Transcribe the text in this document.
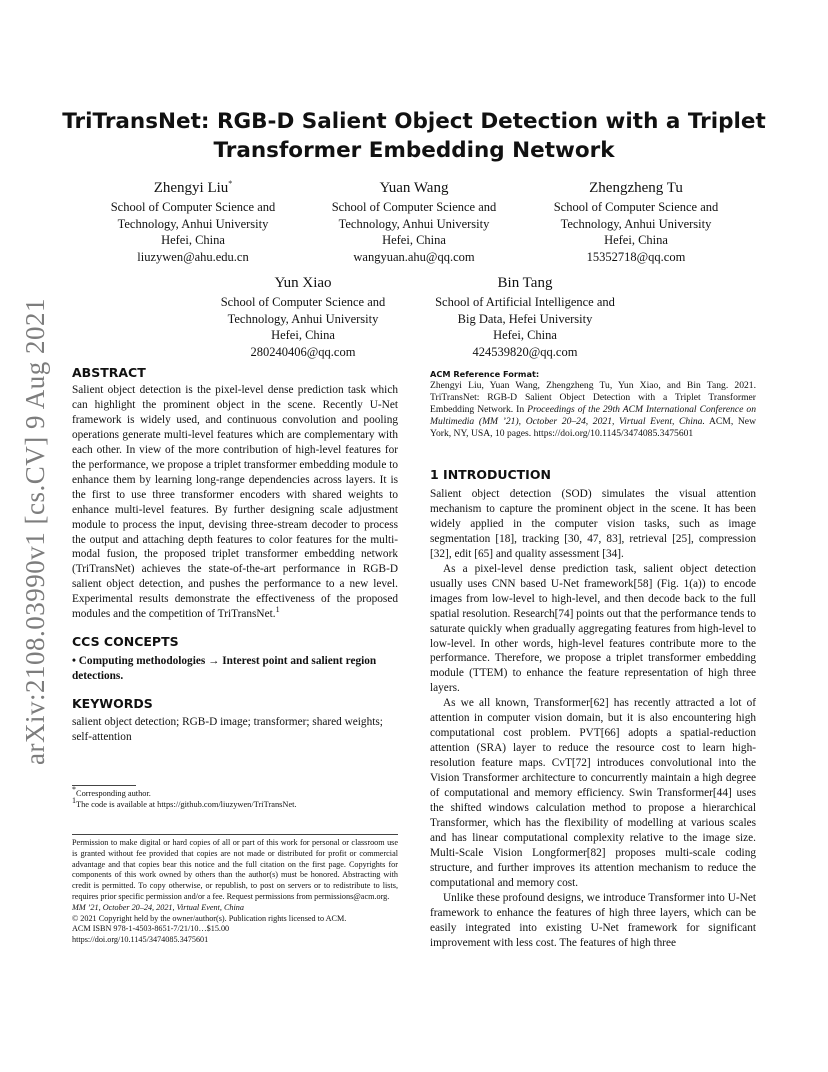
arXiv:2108.03990v1 [cs.CV] 9 Aug 2021
TriTransNet: RGB-D Salient Object Detection with a Triplet
Transformer Embedding Network
Zhengyi Liu*
School of Computer Science and
Technology, Anhui University
Hefei, China
liuzywen@ahu.edu.cn
Yuan Wang
School of Computer Science and
Technology, Anhui University
Hefei, China
wangyuan.ahu@qq.com
Zhengzheng Tu
School of Computer Science and
Technology, Anhui University
Hefei, China
15352718@qq.com
Yun Xiao
School of Computer Science and
Technology, Anhui University
Hefei, China
280240406@qq.com
Bin Tang
School of Artificial Intelligence and
Big Data, Hefei University
Hefei, China
424539820@qq.com
ABSTRACT

Salient object detection is the pixel-level dense prediction task which can highlight the prominent object in the scene. Recently U-Net framework is widely used, and continuous convolution and pooling operations generate multi-level features which are complementary with each other. In view of the more contribution of high-level features for the performance, we propose a triplet transformer embedding module to enhance them by learning long-range dependencies across layers. It is the first to use three transformer encoders with shared weights to enhance multi-level features. By further designing scale adjustment module to process the input, devising three-stream decoder to process the output and attaching depth features to color features for the multi-modal fusion, the proposed triplet transformer embedding network (TriTransNet) achieves the state-of-the-art performance in RGB-D salient object detection, and pushes the performance to a new level. Experimental results demonstrate the effectiveness of the proposed modules and the competition of TriTransNet.$^1$

CCS CONCEPTS

• Computing methodologies → Interest point and salient region detections.

KEYWORDS

salient object detection; RGB-D image; transformer; shared weights; self-attention

*Corresponding author.
$^1$The code is available at https://github.com/liuzywen/TriTransNet.

Permission to make digital or hard copies of all or part of this work for personal or classroom use is granted without fee provided that copies are not made or distributed for profit or commercial advantage and that copies bear this notice and the full citation on the first page. Copyrights for components of this work owned by others than the author(s) must be honored. Abstracting with credit is permitted. To copy otherwise, or republish, to post on servers or to redistribute to lists, requires prior specific permission and/or a fee. Request permissions from permissions@acm.org.

MM ’21, October 20–24, 2021, Virtual Event, China

© 2021 Copyright held by the owner/author(s). Publication rights licensed to ACM.

ACM ISBN 978-1-4503-8651-7/21/10…$15.00

https://doi.org/10.1145/3474085.3475601

ACM Reference Format:

Zhengyi Liu, Yuan Wang, Zhengzheng Tu, Yun Xiao, and Bin Tang. 2021. TriTransNet: RGB-D Salient Object Detection with a Triplet Transformer Embedding Network. In Proceedings of the 29th ACM International Conference on Multimedia (MM ’21), October 20–24, 2021, Virtual Event, China. ACM, New York, NY, USA, 10 pages. https://doi.org/10.1145/3474085.3475601

1 INTRODUCTION

Salient object detection (SOD) simulates the visual attention mechanism to capture the prominent object in the scene. It has been widely applied in the computer vision tasks, such as image segmentation [18], tracking [30, 47, 83], retrieval [25], compression [32], edit [65] and quality assessment [34].

As a pixel-level dense prediction task, salient object detection usually uses CNN based U-Net framework[58] (Fig. 1(a)) to encode images from low-level to high-level, and then decode back to the full spatial resolution. Research[74] points out that the performance tends to saturate quickly when gradually aggregating features from high-level to low-level. In other words, high-level features contribute more to the performance. Therefore, we propose a triplet transformer embedding module (TTEM) to enhance the feature representation of high three layers.

As we all known, Transformer[62] has recently attracted a lot of attention in computer vision domain, but it is also encountering high computational cost problem. PVT[66] adopts a spatial-reduction attention (SRA) layer to reduce the resource cost to learn high-resolution feature maps. CvT[72] introduces convolutional into the Vision Transformer architecture to concurrently maintain a high degree of computational and memory efficiency. Swin Transformer[44] uses the shifted windows calculation method to propose a hierarchical Transformer, which has the flexibility of modelling at various scales and has linear computational complexity relative to the image size. Multi-Scale Vision Longformer[82] proposes multi-scale coding structure, and further improves its attention mechanism to reduce the computational and memory cost.

Unlike these profound designs, we introduce Transformer into U-Net framework to enhance the features of high three layers, which can be easily integrated into existing U-Net framework for significant improvement with less cost. The features of high three
